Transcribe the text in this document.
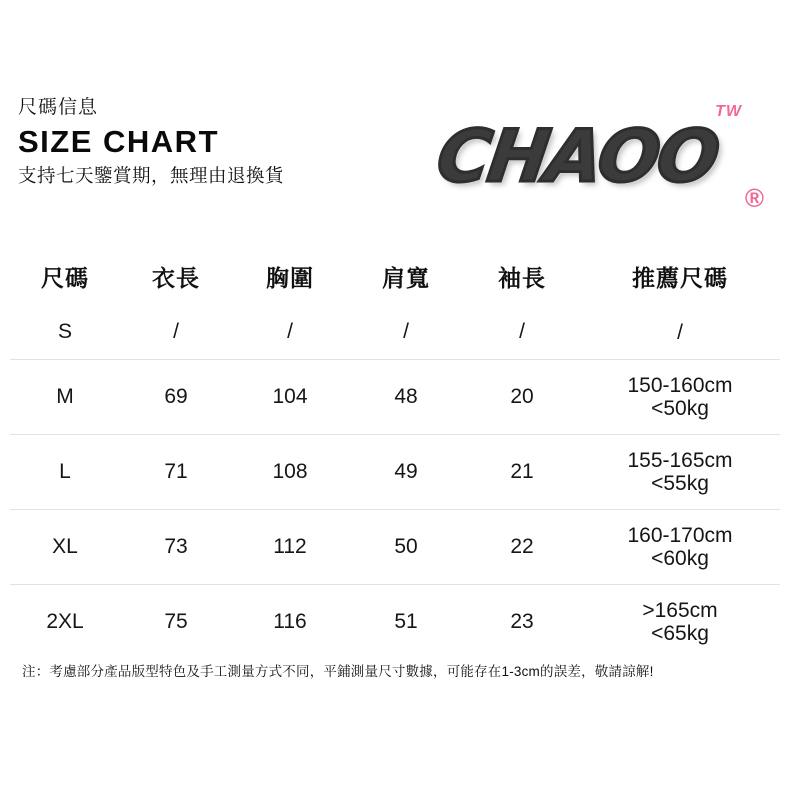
尺碼信息

SIZE CHART

支持七天鑒賞期，無理由退換貨	CHAOO
TW
®
尺碼	衣長	胸圍	肩寬	袖長	推薦尺碼
S	/	/	/	/	/

M	69	104	48	20	150-160cm
<50kg

L	71	108	49	21	155-165cm
<55kg

XL	73	112	50	22	160-170cm
<60kg

2XL	75	116	51	23	>165cm
<65kg
注：考慮部分產品版型特色及手工測量方式不同，平鋪測量尺寸數據，可能存在1-3cm的誤差，敬請諒解!
